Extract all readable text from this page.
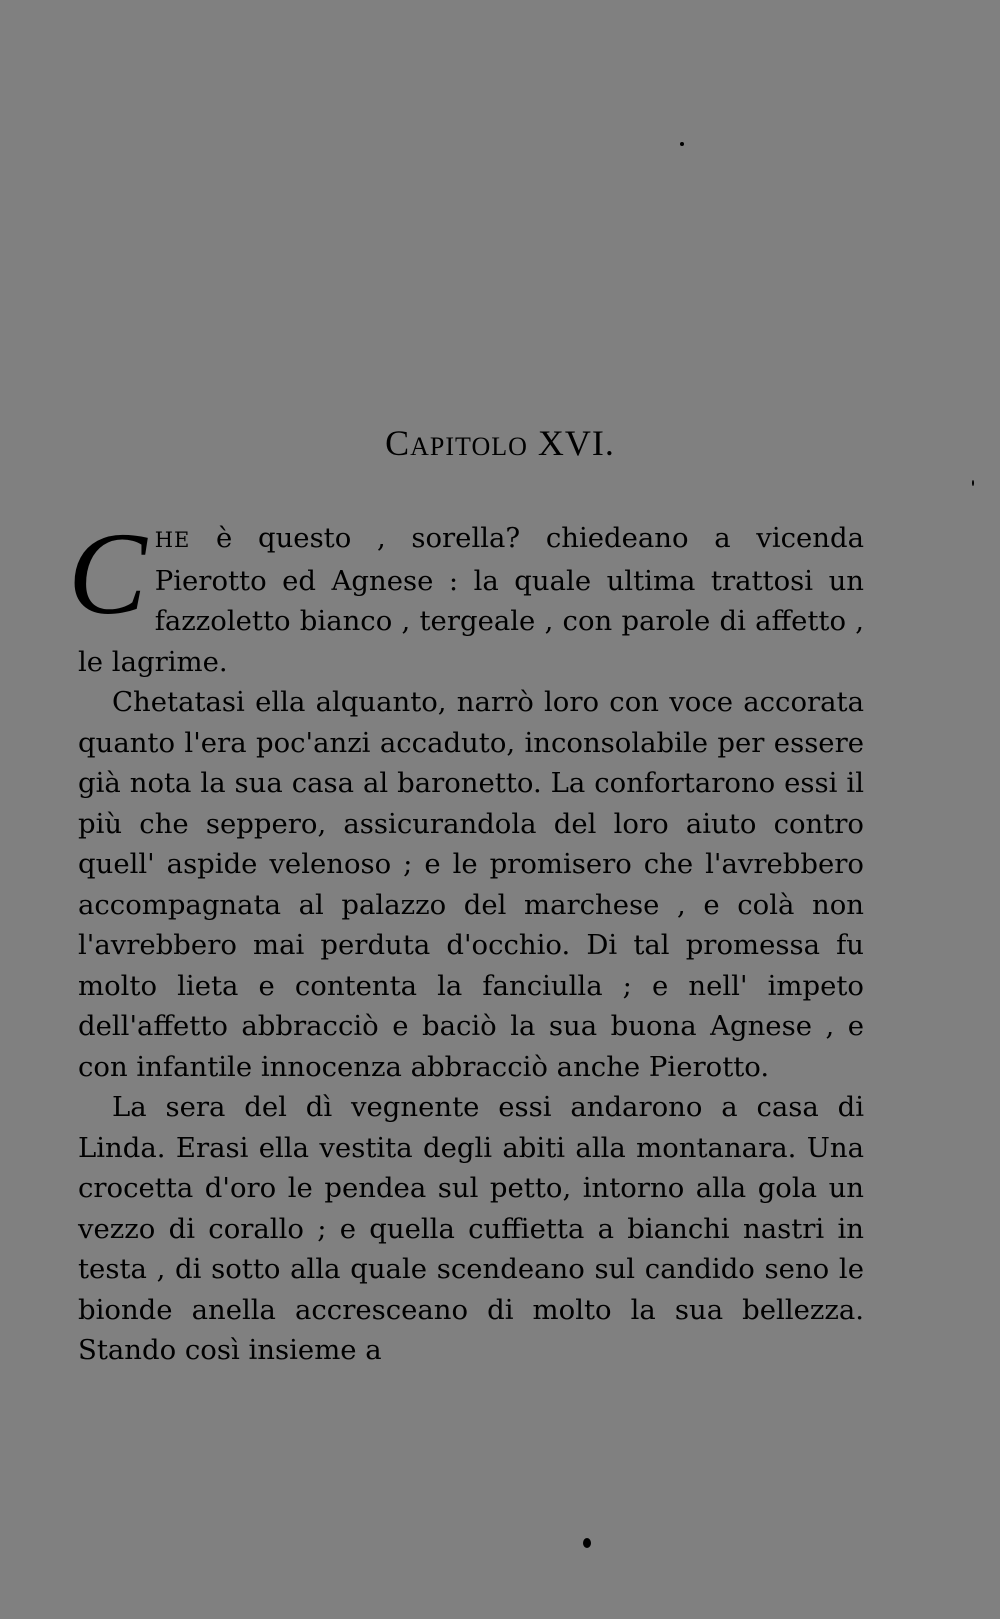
CAPITOLO XVI.

CHE è questo , sorella? chiedeano a vicenda Pierotto ed Agnese : la quale ultima trattosi un fazzoletto bianco , tergeale , con parole di affetto , le lagrime.

Chetatasi ella alquanto, narrò loro con voce accorata quanto l'era poc'anzi accaduto, inconsolabile per essere già nota la sua casa al baronetto. La confortarono essi il più che seppero, assicurandola del loro aiuto contro quell' aspide velenoso ; e le promisero che l'avrebbero accompagnata al palazzo del marchese , e colà non l'avrebbero mai perduta d'occhio. Di tal promessa fu molto lieta e contenta la fanciulla ; e nell' impeto dell'affetto abbracciò e baciò la sua buona Agnese , e con infantile innocenza abbracciò anche Pierotto.

La sera del dì vegnente essi andarono a casa di Linda. Erasi ella vestita degli abiti alla montanara. Una crocetta d'oro le pendea sul petto, intorno alla gola un vezzo di corallo ; e quella cuffietta a bianchi nastri in testa , di sotto alla quale scendeano sul candido seno le bionde anella accresceano di molto la sua bellezza. Stando così insieme a
